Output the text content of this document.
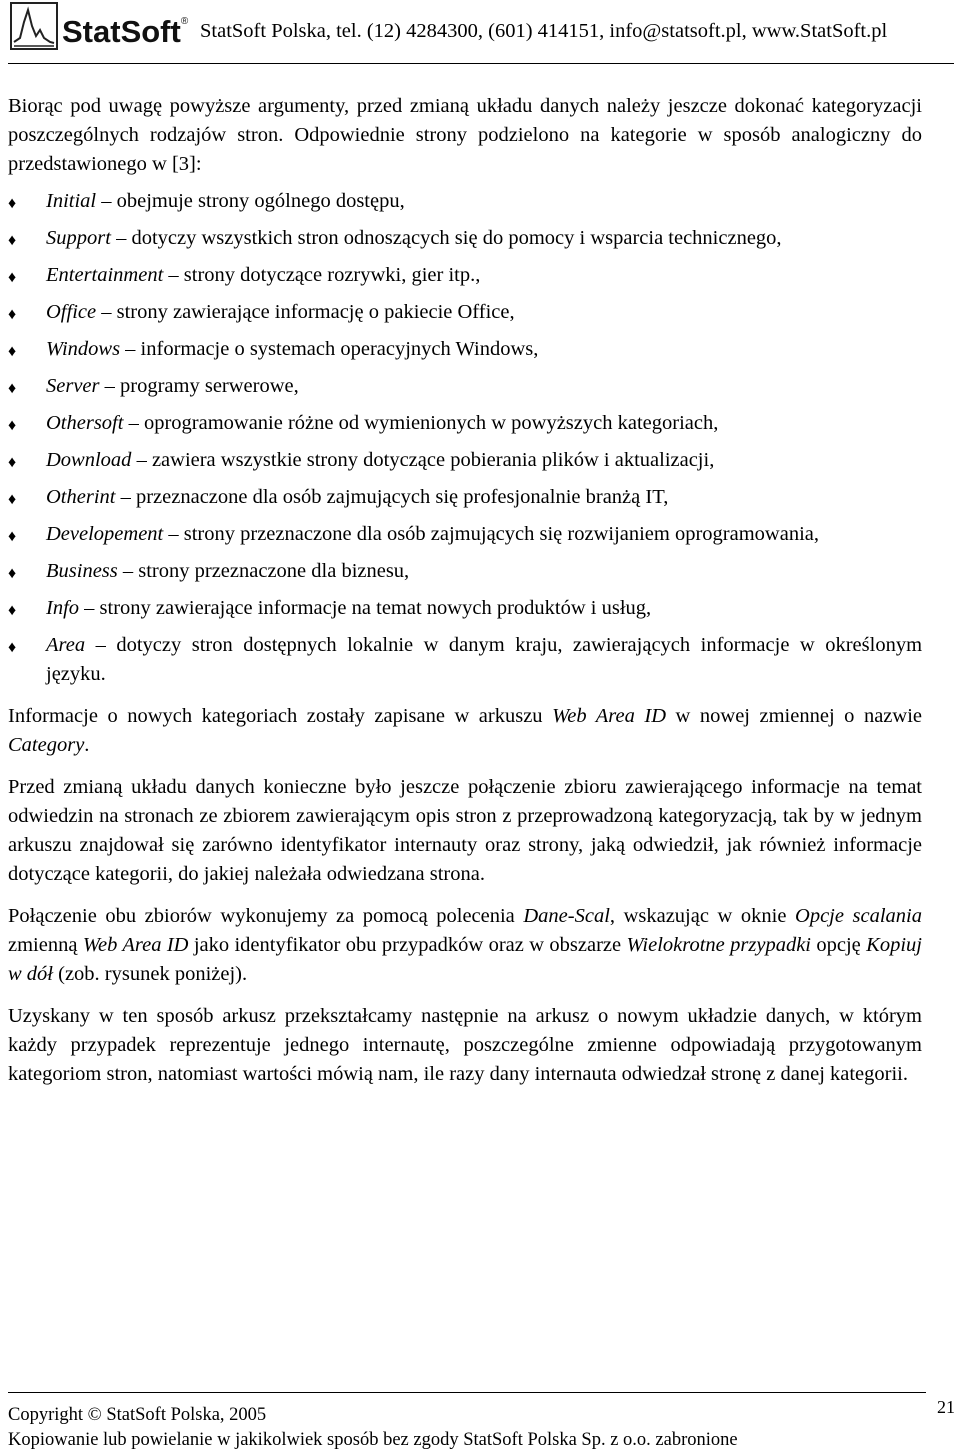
StatSoft® StatSoft Polska, tel. (12) 4284300, (601) 414151, info@statsoft.pl, www.StatSoft.pl

Biorąc pod uwagę powyższe argumenty, przed zmianą układu danych należy jeszcze dokonać kategoryzacji poszczególnych rodzajów stron. Odpowiednie strony podzielono na kategorie w sposób analogiczny do przedstawionego w [3]:

♦ Initial – obejmuje strony ogólnego dostępu,
♦ Support – dotyczy wszystkich stron odnoszących się do pomocy i wsparcia technicznego,
♦ Entertainment – strony dotyczące rozrywki, gier itp.,
♦ Office – strony zawierające informację o pakiecie Office,
♦ Windows – informacje o systemach operacyjnych Windows,
♦ Server – programy serwerowe,
♦ Othersoft – oprogramowanie różne od wymienionych w powyższych kategoriach,
♦ Download – zawiera wszystkie strony dotyczące pobierania plików i aktualizacji,
♦ Otherint – przeznaczone dla osób zajmujących się profesjonalnie branżą IT,
♦ Developement – strony przeznaczone dla osób zajmujących się rozwijaniem oprogramowania,
♦ Business – strony przeznaczone dla biznesu,
♦ Info – strony zawierające informacje na temat nowych produktów i usług,
♦ Area – dotyczy stron dostępnych lokalnie w danym kraju, zawierających informacje w określonym języku.

Informacje o nowych kategoriach zostały zapisane w arkuszu Web Area ID w nowej zmiennej o nazwie Category.

Przed zmianą układu danych konieczne było jeszcze połączenie zbioru zawierającego informacje na temat odwiedzin na stronach ze zbiorem zawierającym opis stron z przeprowadzoną kategoryzacją, tak by w jednym arkuszu znajdował się zarówno identyfikator internauty oraz strony, jaką odwiedził, jak również informacje dotyczące kategorii, do jakiej należała odwiedzana strona.

Połączenie obu zbiorów wykonujemy za pomocą polecenia Dane-Scal, wskazując w oknie Opcje scalania zmienną Web Area ID jako identyfikator obu przypadków oraz w obszarze Wielokrotne przypadki opcję Kopiuj w dół (zob. rysunek poniżej).

Uzyskany w ten sposób arkusz przekształcamy następnie na arkusz o nowym układzie danych, w którym każdy przypadek reprezentuje jednego internautę, poszczególne zmienne odpowiadają przygotowanym kategoriom stron, natomiast wartości mówią nam, ile razy dany internauta odwiedzał stronę z danej kategorii.

21
Copyright © StatSoft Polska, 2005
Kopiowanie lub powielanie w jakikolwiek sposób bez zgody StatSoft Polska Sp. z o.o. zabronione
